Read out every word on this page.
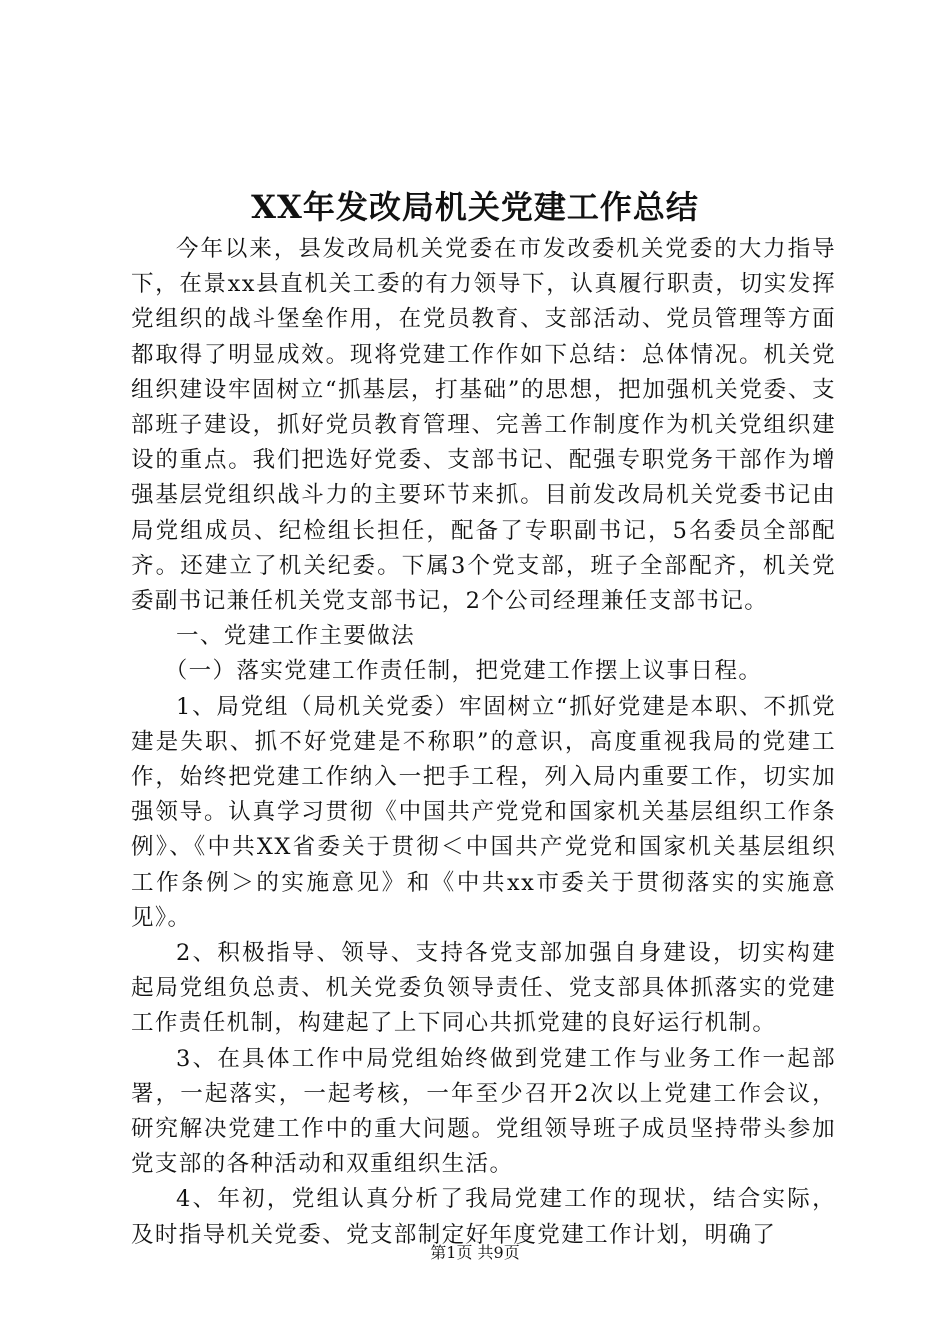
XX年发改局机关党建工作总结

今年以来，县发改局机关党委在市发改委机关党委的大力指导下，在景xx县直机关工委的有力领导下，认真履行职责，切实发挥党组织的战斗堡垒作用，在党员教育、支部活动、党员管理等方面都取得了明显成效。现将党建工作作如下总结：总体情况。机关党组织建设牢固树立“抓基层，打基础”的思想，把加强机关党委、支部班子建设，抓好党员教育管理、完善工作制度作为机关党组织建设的重点。我们把选好党委、支部书记、配强专职党务干部作为增强基层党组织战斗力的主要环节来抓。目前发改局机关党委书记由局党组成员、纪检组长担任，配备了专职副书记，5名委员全部配齐。还建立了机关纪委。下属3个党支部，班子全部配齐，机关党委副书记兼任机关党支部书记，2个公司经理兼任支部书记。

一、党建工作主要做法

（一）落实党建工作责任制，把党建工作摆上议事日程。

1、局党组（局机关党委）牢固树立“抓好党建是本职、不抓党建是失职、抓不好党建是不称职”的意识，高度重视我局的党建工作，始终把党建工作纳入一把手工程，列入局内重要工作，切实加强领导。认真学习贯彻《中国共产党党和国家机关基层组织工作条例》、《中共XX省委关于贯彻＜中国共产党党和国家机关基层组织工作条例＞的实施意见》和《中共xx市委关于贯彻落实的实施意见》。

2、积极指导、领导、支持各党支部加强自身建设，切实构建起局党组负总责、机关党委负领导责任、党支部具体抓落实的党建工作责任机制，构建起了上下同心共抓党建的良好运行机制。

3、在具体工作中局党组始终做到党建工作与业务工作一起部署，一起落实，一起考核，一年至少召开2次以上党建工作会议，研究解决党建工作中的重大问题。党组领导班子成员坚持带头参加党支部的各种活动和双重组织生活。

4、年初，党组认真分析了我局党建工作的现状，结合实际，及时指导机关党委、党支部制定好年度党建工作计划，明确了

第1页 共9页
